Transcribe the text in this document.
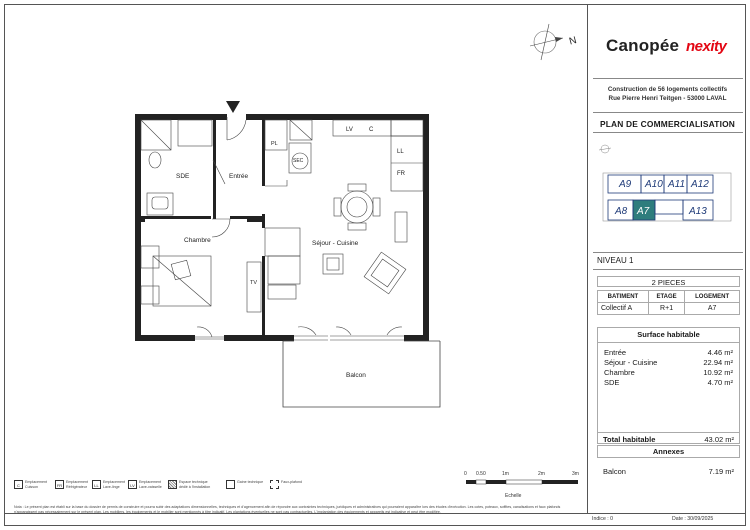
SDE	Entrée
Chambre	Séjour - Cuisine
Balcon
PL
SEC
LV	C
LL
FR
TV
N Canopée nexity
Construction de 56 logements collectifs
Rue Pierre Henri Teitgen - 53000 LAVAL
PLAN DE COMMERCIALISATION
A9 A10 A11 A12
A8 A7	A13
NIVEAU 1
2 PIECES
BATIMENT	ETAGE	LOGEMENT
Collectif A	R+1	A7
Surface habitable
Entrée	4.46 m²
Séjour - Cuisine	22.94 m²
Chambre	10.92 m²
SDE	4.70 m²
Total habitable	43.02 m²
Annexes
Balcon	7.19 m²
0 0.50	1m	2m	3m
Echelle
C
Emplacement Cuisson	FR
Emplacement Réfrigérateur	LL
Emplacement Lave-linge	LV
Emplacement Lave-vaisselle
Espace technique dédié à l'installation
Gaine technique	Faux-plafond
Nota : Le présent plan est établi sur la base du dossier de permis de construire et pourra subir des adaptations dimensionnelles, techniques et d'agencement afin de répondre aux contraintes techniques, juridiques et administratives qui pourraient apparaître lors des études d'exécution. Les cotes, poteaux, soffites, canalisations et faux plafonds n'apparaissent pas nécessairement sur le présent plan. Les mobiliers, les équipements et le mobilier sont mentionnés à titre indicatif. Les plantations éventuelles ne sont pas contractuelles. L'implantation des équipements et appareils est indicative et peut être modifiée.
Indice : 0	Date : 30/09/2025
